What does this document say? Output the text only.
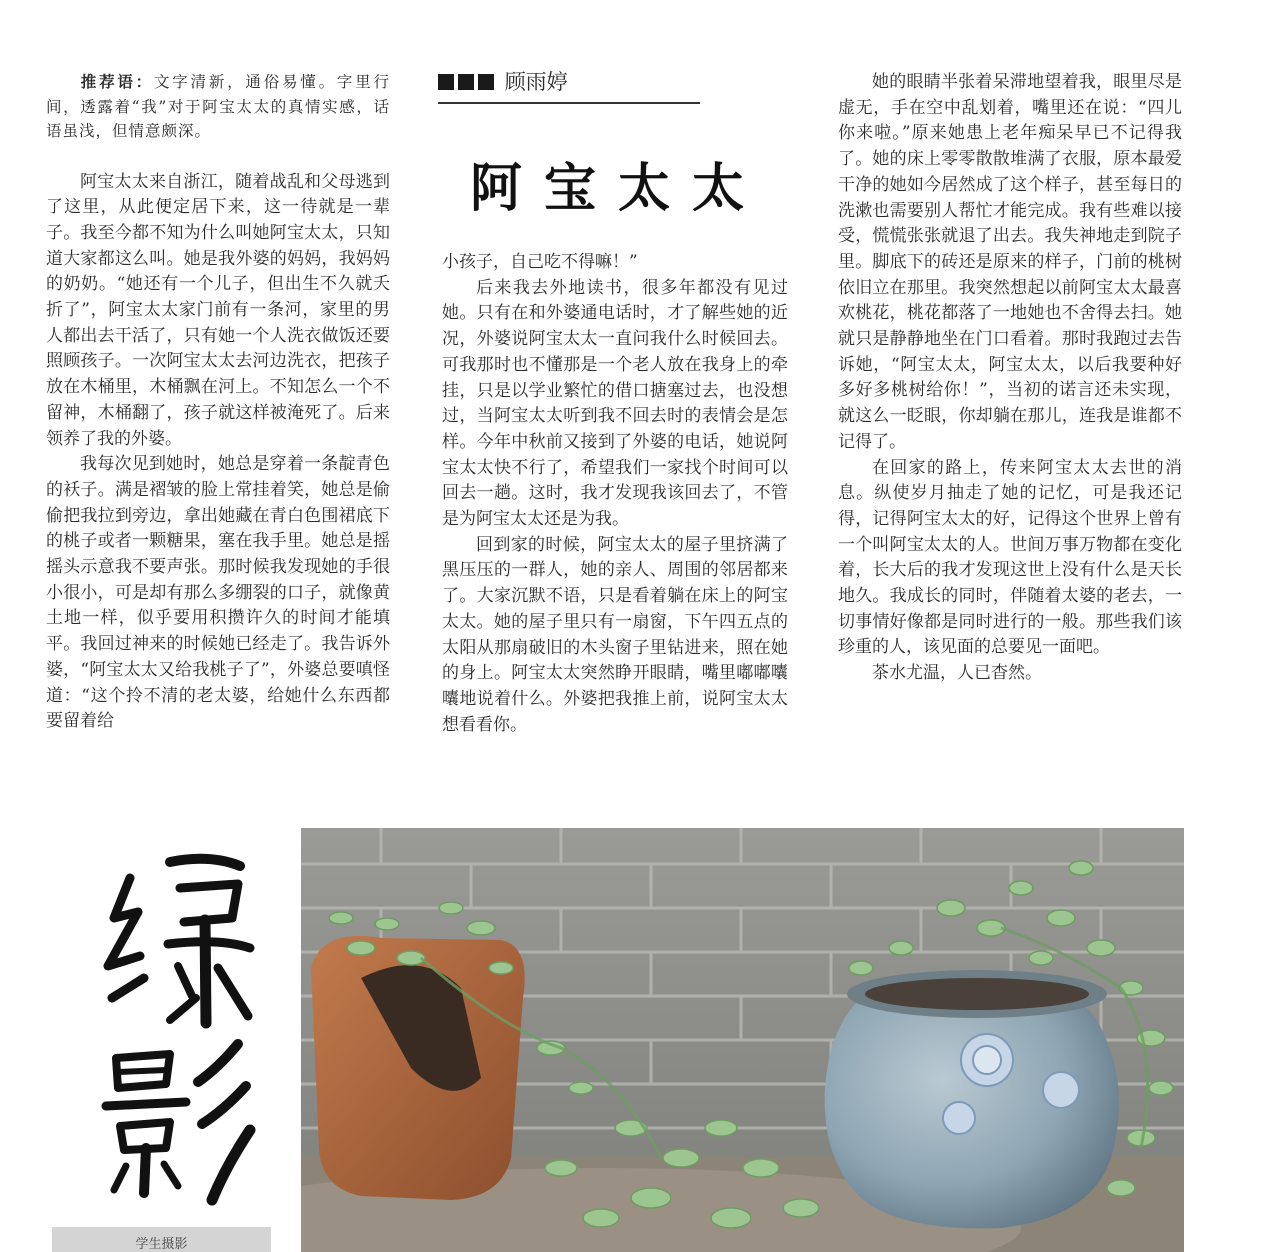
  推荐语：文字清新，通俗易懂。字里行间，透露着“我”对于阿宝太太的真情实感，话语虽浅，但情意颇深。

阿宝太太来自浙江，随着战乱和父母逃到了这里，从此便定居下来，这一待就是一辈子。我至今都不知为什么叫她阿宝太太，只知道大家都这么叫。她是我外婆的妈妈，我妈妈的奶奶。“她还有一个儿子，但出生不久就夭折了”，阿宝太太家门前有一条河，家里的男人都出去干活了，只有她一个人洗衣做饭还要照顾孩子。一次阿宝太太去河边洗衣，把孩子放在木桶里，木桶飘在河上。不知怎么一个不留神，木桶翻了，孩子就这样被淹死了。后来领养了我的外婆。

我每次见到她时，她总是穿着一条靛青色的袄子。满是褶皱的脸上常挂着笑，她总是偷偷把我拉到旁边，拿出她藏在青白色围裙底下的桃子或者一颗糖果，塞在我手里。她总是摇摇头示意我不要声张。那时候我发现她的手很小很小，可是却有那么多绷裂的口子，就像黄土地一样，似乎要用积攒许久的时间才能填平。我回过神来的时候她已经走了。我告诉外婆，“阿宝太太又给我桃子了”，外婆总要嗔怪道：“这个拎不清的老太婆，给她什么东西都要留着给

顾雨婷
阿宝太太

小孩子，自己吃不得嘛！”

后来我去外地读书，很多年都没有见过她。只有在和外婆通电话时，才了解些她的近况，外婆说阿宝太太一直问我什么时候回去。可我那时也不懂那是一个老人放在我身上的牵挂，只是以学业繁忙的借口搪塞过去，也没想过，当阿宝太太听到我不回去时的表情会是怎样。今年中秋前又接到了外婆的电话，她说阿宝太太快不行了，希望我们一家找个时间可以回去一趟。这时，我才发现我该回去了，不管是为阿宝太太还是为我。

回到家的时候，阿宝太太的屋子里挤满了黑压压的一群人，她的亲人、周围的邻居都来了。大家沉默不语，只是看着躺在床上的阿宝太太。她的屋子里只有一扇窗，下午四五点的太阳从那扇破旧的木头窗子里钻进来，照在她的身上。阿宝太太突然睁开眼睛，嘴里嘟嘟囔囔地说着什么。外婆把我推上前，说阿宝太太想看看你。

她的眼睛半张着呆滞地望着我，眼里尽是虚无，手在空中乱划着，嘴里还在说：“四儿你来啦。”原来她患上老年痴呆早已不记得我了。她的床上零零散散堆满了衣服，原本最爱干净的她如今居然成了这个样子，甚至每日的洗漱也需要别人帮忙才能完成。我有些难以接受，慌慌张张就退了出去。我失神地走到院子里。脚底下的砖还是原来的样子，门前的桃树依旧立在那里。我突然想起以前阿宝太太最喜欢桃花，桃花都落了一地她也不舍得去扫。她就只是静静地坐在门口看着。那时我跑过去告诉她，“阿宝太太，阿宝太太，以后我要种好多好多桃树给你！”，当初的诺言还未实现，就这么一眨眼，你却躺在那儿，连我是谁都不记得了。

在回家的路上，传来阿宝太太去世的消息。纵使岁月抽走了她的记忆，可是我还记得，记得阿宝太太的好，记得这个世界上曾有一个叫阿宝太太的人。世间万事万物都在变化着，长大后的我才发现这世上没有什么是天长地久。我成长的同时，伴随着太婆的老去，一切事情好像都是同时进行的一般。那些我们该珍重的人，该见面的总要见一面吧。

茶水尤温，人已杳然。

学生摄影
